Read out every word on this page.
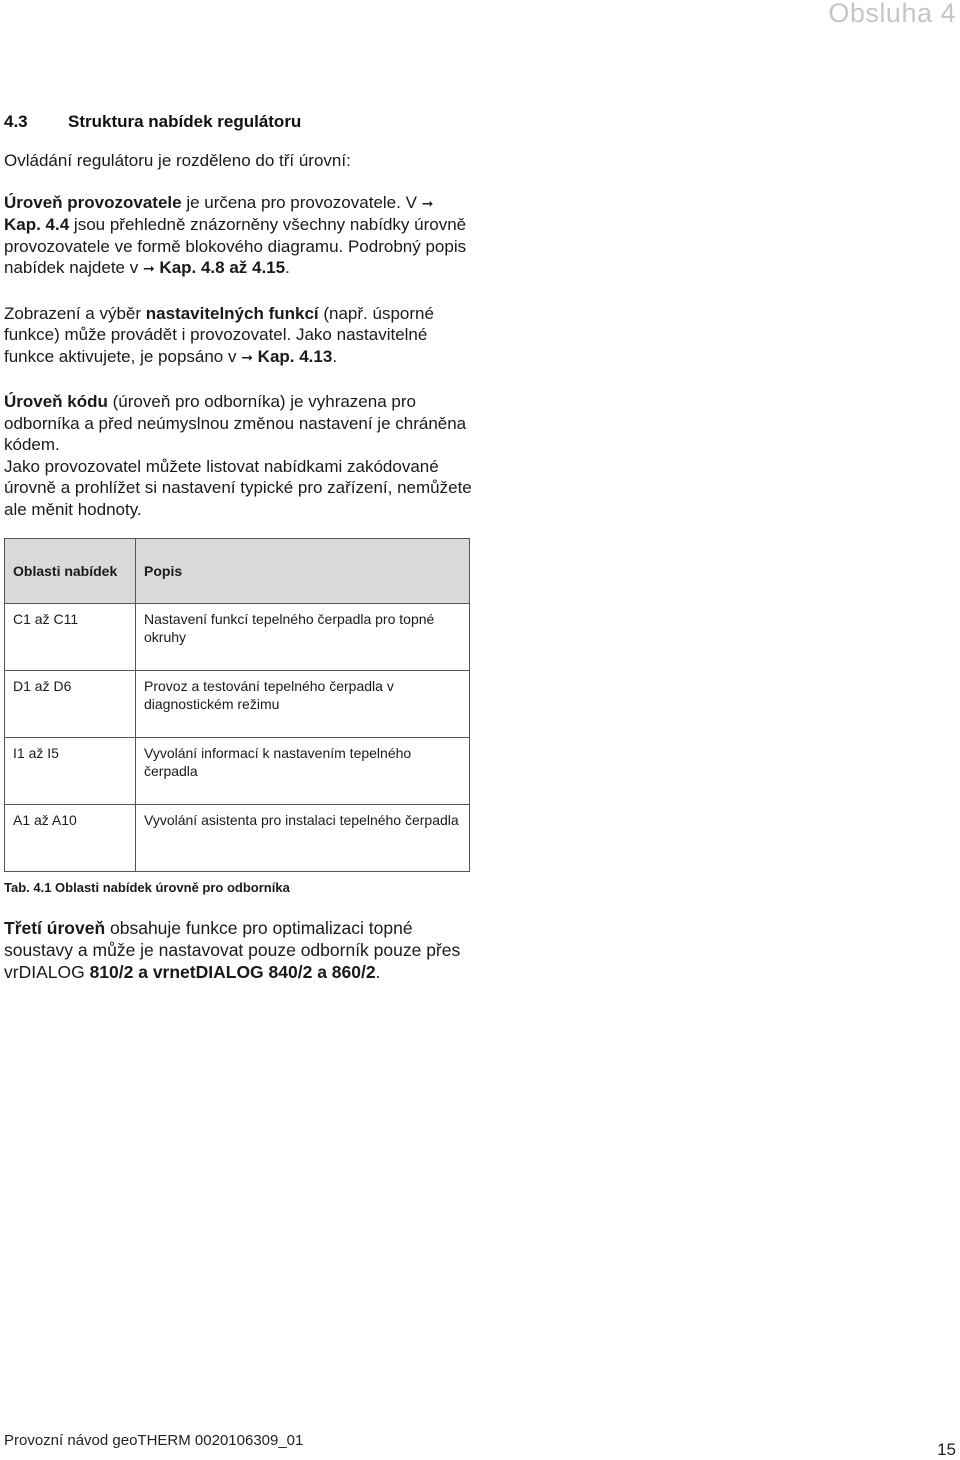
Obsluha 4
4.3 Struktura nabídek regulátoru

Ovládání regulátoru je rozděleno do tří úrovní:

Úroveň provozovatele je určena pro provozovatele. V ➞ Kap. 4.4 jsou přehledně znázorněny všechny nabídky úrovně provozovatele ve formě blokového diagramu. Podrobný popis nabídek najdete v ➞ Kap. 4.8 až 4.15.

Zobrazení a výběr nastavitelných funkcí (např. úsporné funkce) může provádět i provozovatel. Jako nastavitelné funkce aktivujete, je popsáno v ➞ Kap. 4.13.

Úroveň kódu (úroveň pro odborníka) je vyhrazena pro odborníka a před neúmyslnou změnou nastavení je chráněna kódem.

Jako provozovatel můžete listovat nabídkami zakódované úrovně a prohlížet si nastavení typické pro zařízení, nemůžete ale měnit hodnoty.

Oblasti nabídek	Popis
C1 až C11	Nastavení funkcí tepelného čerpadla pro topné okruhy
D1 až D6	Provoz a testování tepelného čerpadla v diagnostickém režimu
I1 až I5	Vyvolání informací k nastavením tepelného čerpadla
A1 až A10	Vyvolání asistenta pro instalaci tepelného čerpadla
Tab. 4.1 Oblasti nabídek úrovně pro odborníka

Třetí úroveň obsahuje funkce pro optimalizaci topné soustavy a může je nastavovat pouze odborník pouze přes vrDIALOG 810/2 a vrnetDIALOG 840/2 a 860/2.

Provozní návod geoTHERM 0020106309_01	15
